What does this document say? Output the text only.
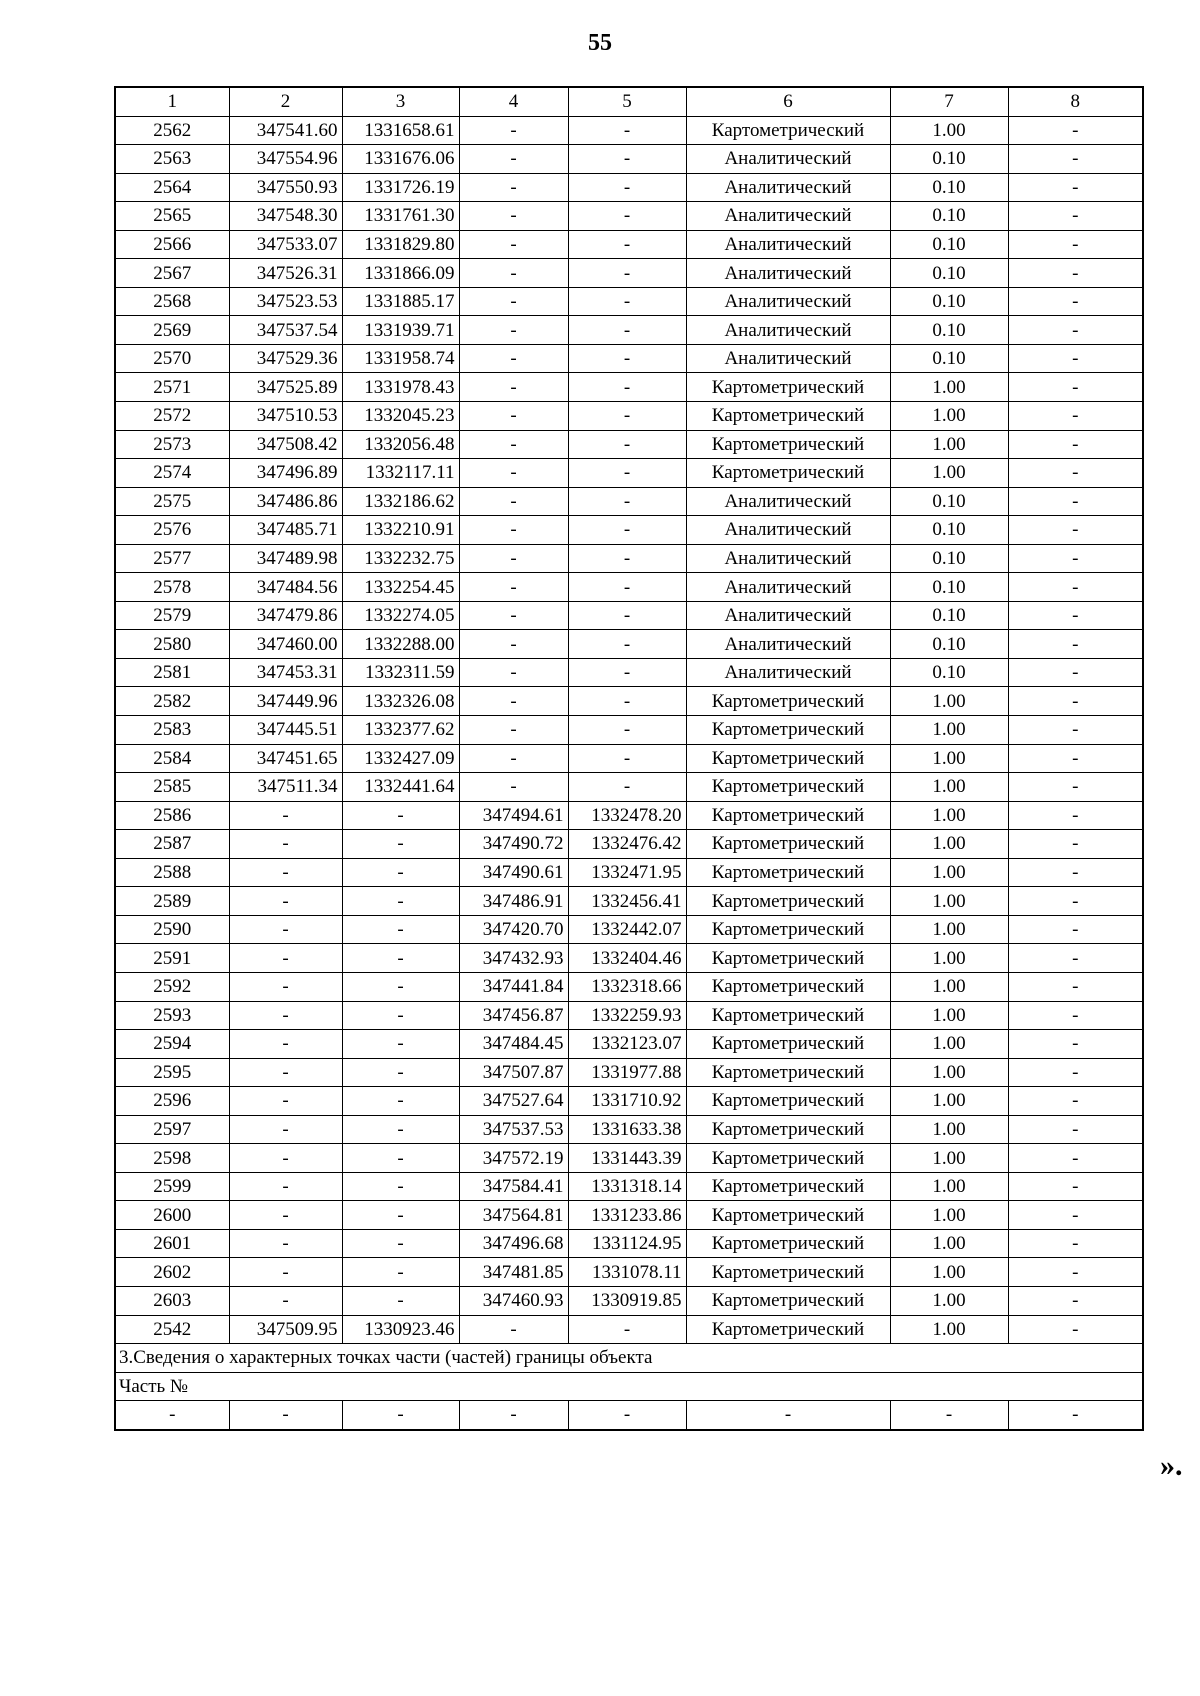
55
1	2	3	4	5	6	7	8
2562	347541.60	1331658.61	-	-	Картометрический	1.00	-
2563	347554.96	1331676.06	-	-	Аналитический	0.10	-
2564	347550.93	1331726.19	-	-	Аналитический	0.10	-
2565	347548.30	1331761.30	-	-	Аналитический	0.10	-
2566	347533.07	1331829.80	-	-	Аналитический	0.10	-
2567	347526.31	1331866.09	-	-	Аналитический	0.10	-
2568	347523.53	1331885.17	-	-	Аналитический	0.10	-
2569	347537.54	1331939.71	-	-	Аналитический	0.10	-
2570	347529.36	1331958.74	-	-	Аналитический	0.10	-
2571	347525.89	1331978.43	-	-	Картометрический	1.00	-
2572	347510.53	1332045.23	-	-	Картометрический	1.00	-
2573	347508.42	1332056.48	-	-	Картометрический	1.00	-
2574	347496.89	1332117.11	-	-	Картометрический	1.00	-
2575	347486.86	1332186.62	-	-	Аналитический	0.10	-
2576	347485.71	1332210.91	-	-	Аналитический	0.10	-
2577	347489.98	1332232.75	-	-	Аналитический	0.10	-
2578	347484.56	1332254.45	-	-	Аналитический	0.10	-
2579	347479.86	1332274.05	-	-	Аналитический	0.10	-
2580	347460.00	1332288.00	-	-	Аналитический	0.10	-
2581	347453.31	1332311.59	-	-	Аналитический	0.10	-
2582	347449.96	1332326.08	-	-	Картометрический	1.00	-
2583	347445.51	1332377.62	-	-	Картометрический	1.00	-
2584	347451.65	1332427.09	-	-	Картометрический	1.00	-
2585	347511.34	1332441.64	-	-	Картометрический	1.00	-
2586	-	-	347494.61	1332478.20	Картометрический	1.00	-
2587	-	-	347490.72	1332476.42	Картометрический	1.00	-
2588	-	-	347490.61	1332471.95	Картометрический	1.00	-
2589	-	-	347486.91	1332456.41	Картометрический	1.00	-
2590	-	-	347420.70	1332442.07	Картометрический	1.00	-
2591	-	-	347432.93	1332404.46	Картометрический	1.00	-
2592	-	-	347441.84	1332318.66	Картометрический	1.00	-
2593	-	-	347456.87	1332259.93	Картометрический	1.00	-
2594	-	-	347484.45	1332123.07	Картометрический	1.00	-
2595	-	-	347507.87	1331977.88	Картометрический	1.00	-
2596	-	-	347527.64	1331710.92	Картометрический	1.00	-
2597	-	-	347537.53	1331633.38	Картометрический	1.00	-
2598	-	-	347572.19	1331443.39	Картометрический	1.00	-
2599	-	-	347584.41	1331318.14	Картометрический	1.00	-
2600	-	-	347564.81	1331233.86	Картометрический	1.00	-
2601	-	-	347496.68	1331124.95	Картометрический	1.00	-
2602	-	-	347481.85	1331078.11	Картометрический	1.00	-
2603	-	-	347460.93	1330919.85	Картометрический	1.00	-
2542	347509.95	1330923.46	-	-	Картометрический	1.00	-
3.Сведения о характерных точках части (частей) границы объекта							
Часть №							
-	-	-	-	-	-	-	-
».
